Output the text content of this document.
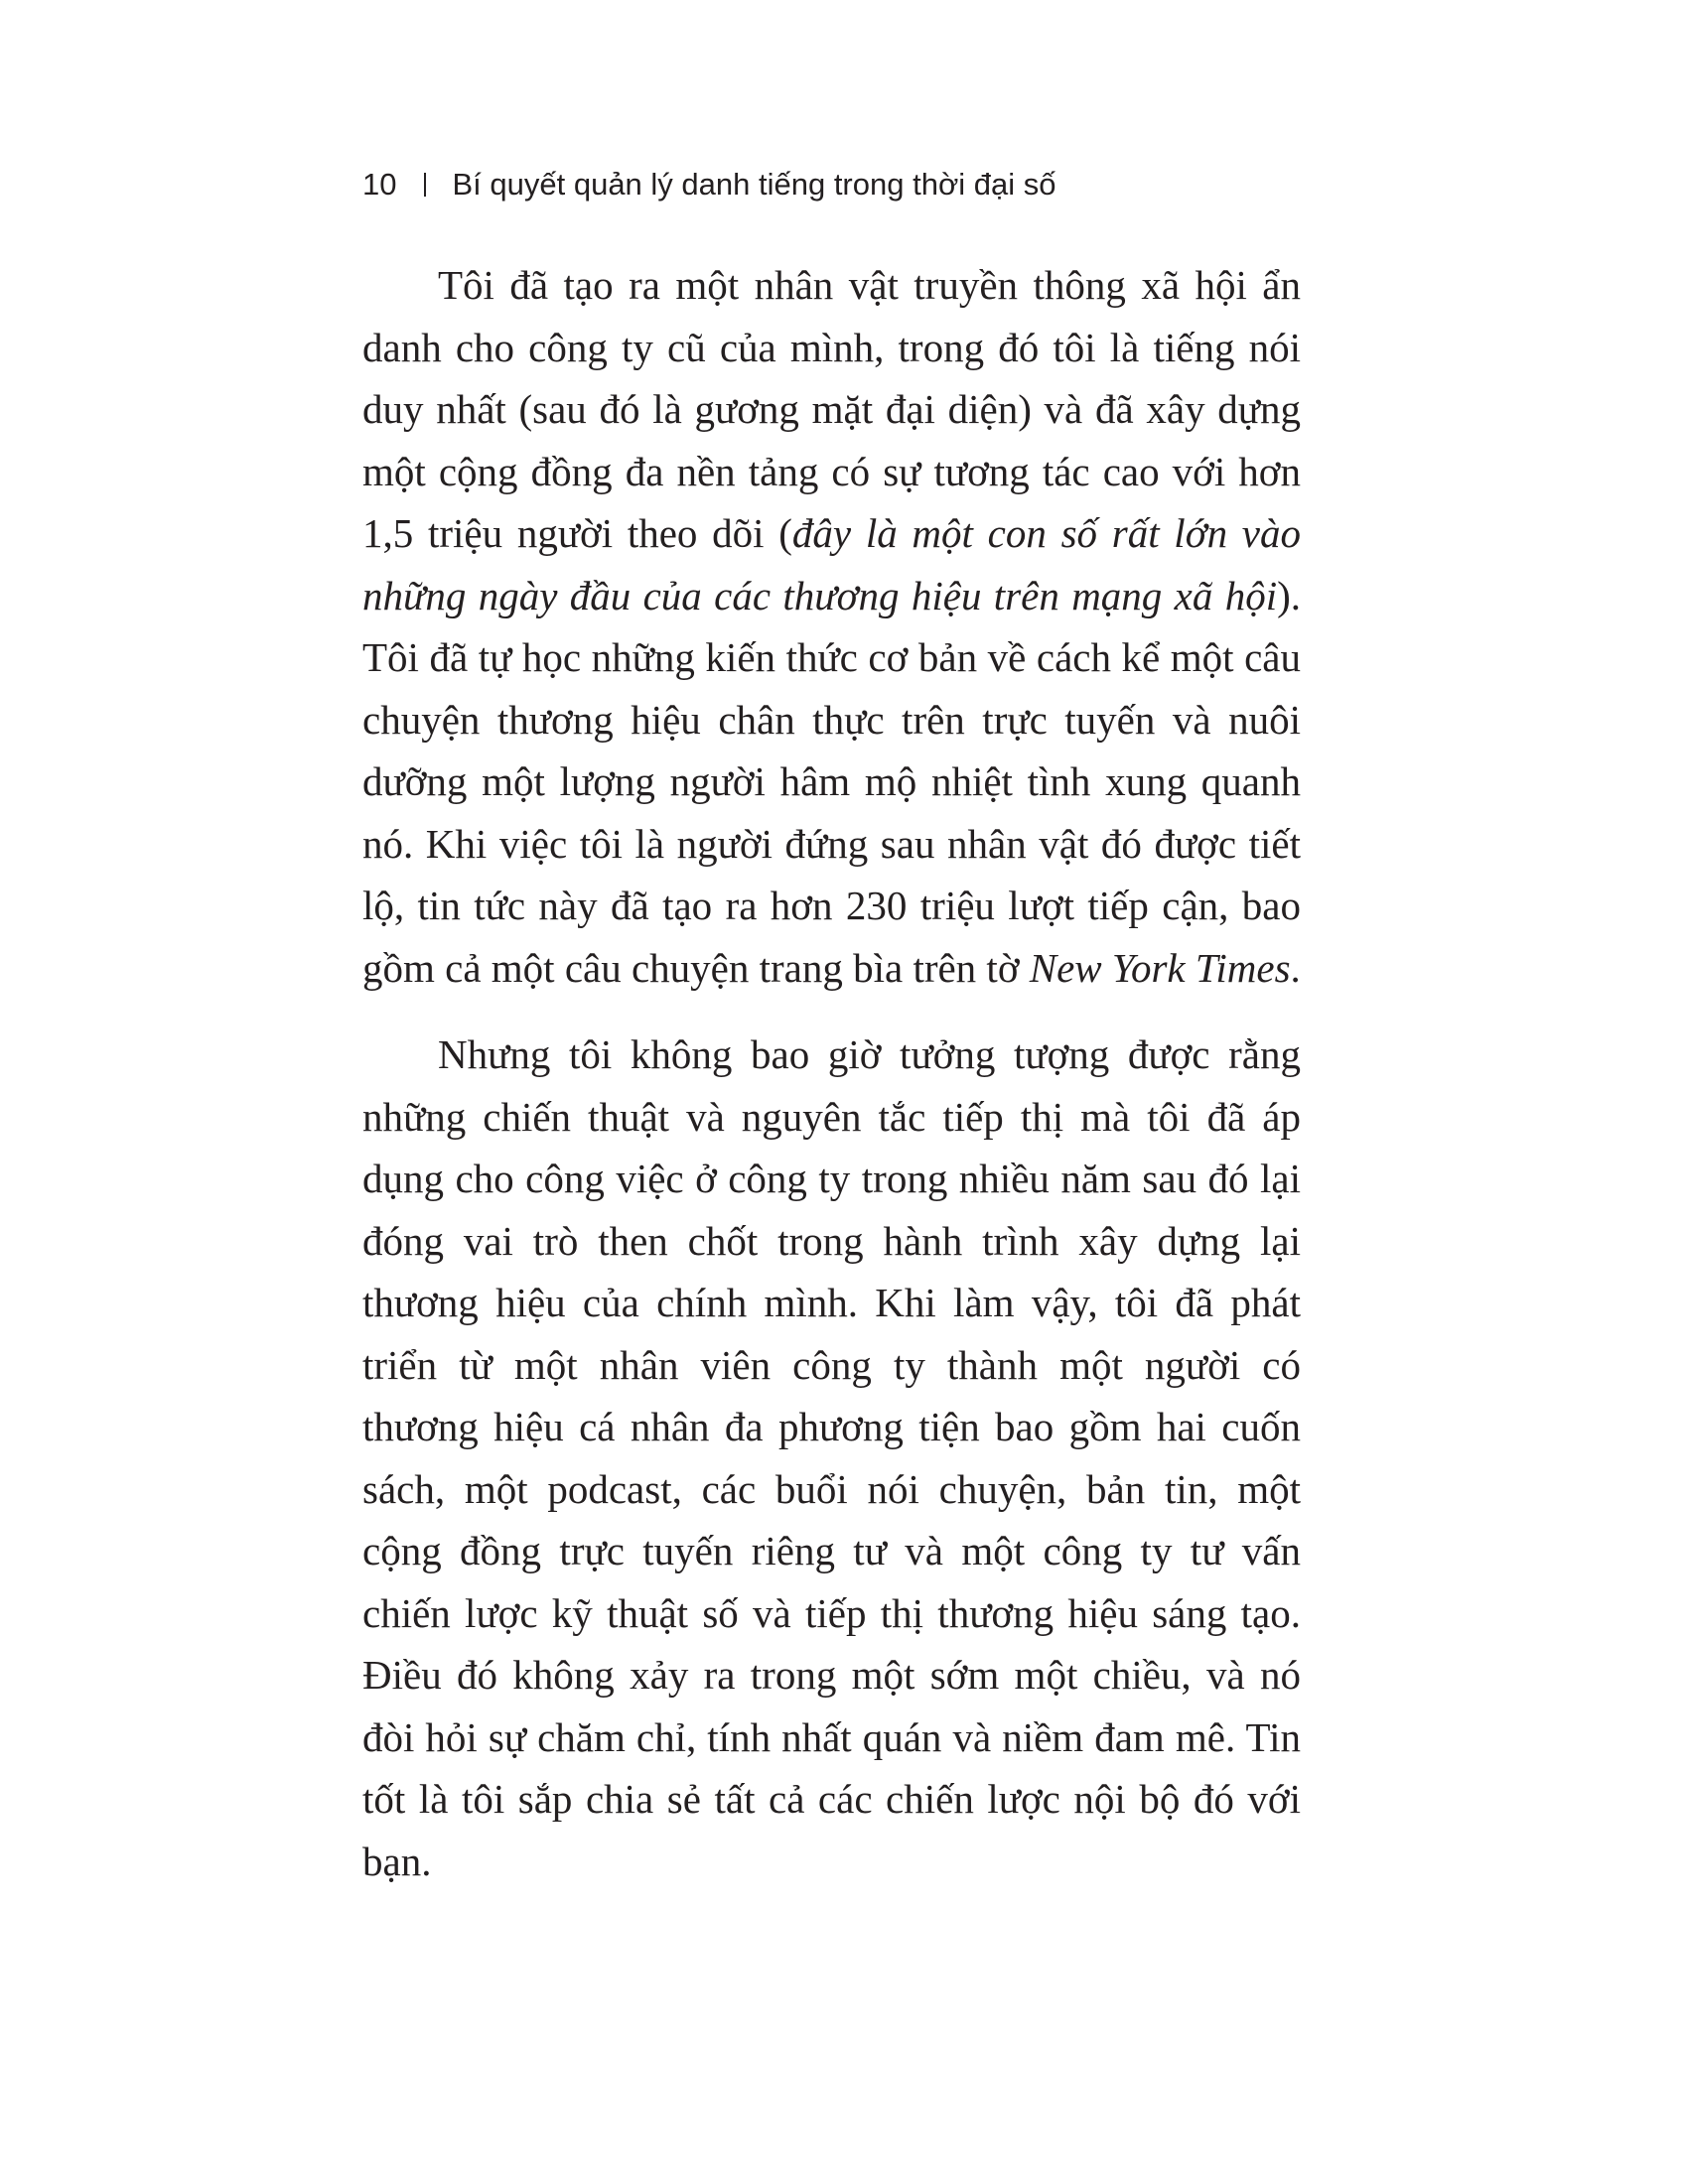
10 Bí quyết quản lý danh tiếng trong thời đại số

Tôi đã tạo ra một nhân vật truyền thông xã hội ẩn danh cho công ty cũ của mình, trong đó tôi là tiếng nói duy nhất (sau đó là gương mặt đại diện) và đã xây dựng một cộng đồng đa nền tảng có sự tương tác cao với hơn 1,5 triệu người theo dõi (đây là một con số rất lớn vào những ngày đầu của các thương hiệu trên mạng xã hội). Tôi đã tự học những kiến thức cơ bản về cách kể một câu chuyện thương hiệu chân thực trên trực tuyến và nuôi dưỡng một lượng người hâm mộ nhiệt tình xung quanh nó. Khi việc tôi là người đứng sau nhân vật đó được tiết lộ, tin tức này đã tạo ra hơn 230 triệu lượt tiếp cận, bao gồm cả một câu chuyện trang bìa trên tờ New York Times.

Nhưng tôi không bao giờ tưởng tượng được rằng những chiến thuật và nguyên tắc tiếp thị mà tôi đã áp dụng cho công việc ở công ty trong nhiều năm sau đó lại đóng vai trò then chốt trong hành trình xây dựng lại thương hiệu của chính mình. Khi làm vậy, tôi đã phát triển từ một nhân viên công ty thành một người có thương hiệu cá nhân đa phương tiện bao gồm hai cuốn sách, một podcast, các buổi nói chuyện, bản tin, một cộng đồng trực tuyến riêng tư và một công ty tư vấn chiến lược kỹ thuật số và tiếp thị thương hiệu sáng tạo. Điều đó không xảy ra trong một sớm một chiều, và nó đòi hỏi sự chăm chỉ, tính nhất quán và niềm đam mê. Tin tốt là tôi sắp chia sẻ tất cả các chiến lược nội bộ đó với bạn.
